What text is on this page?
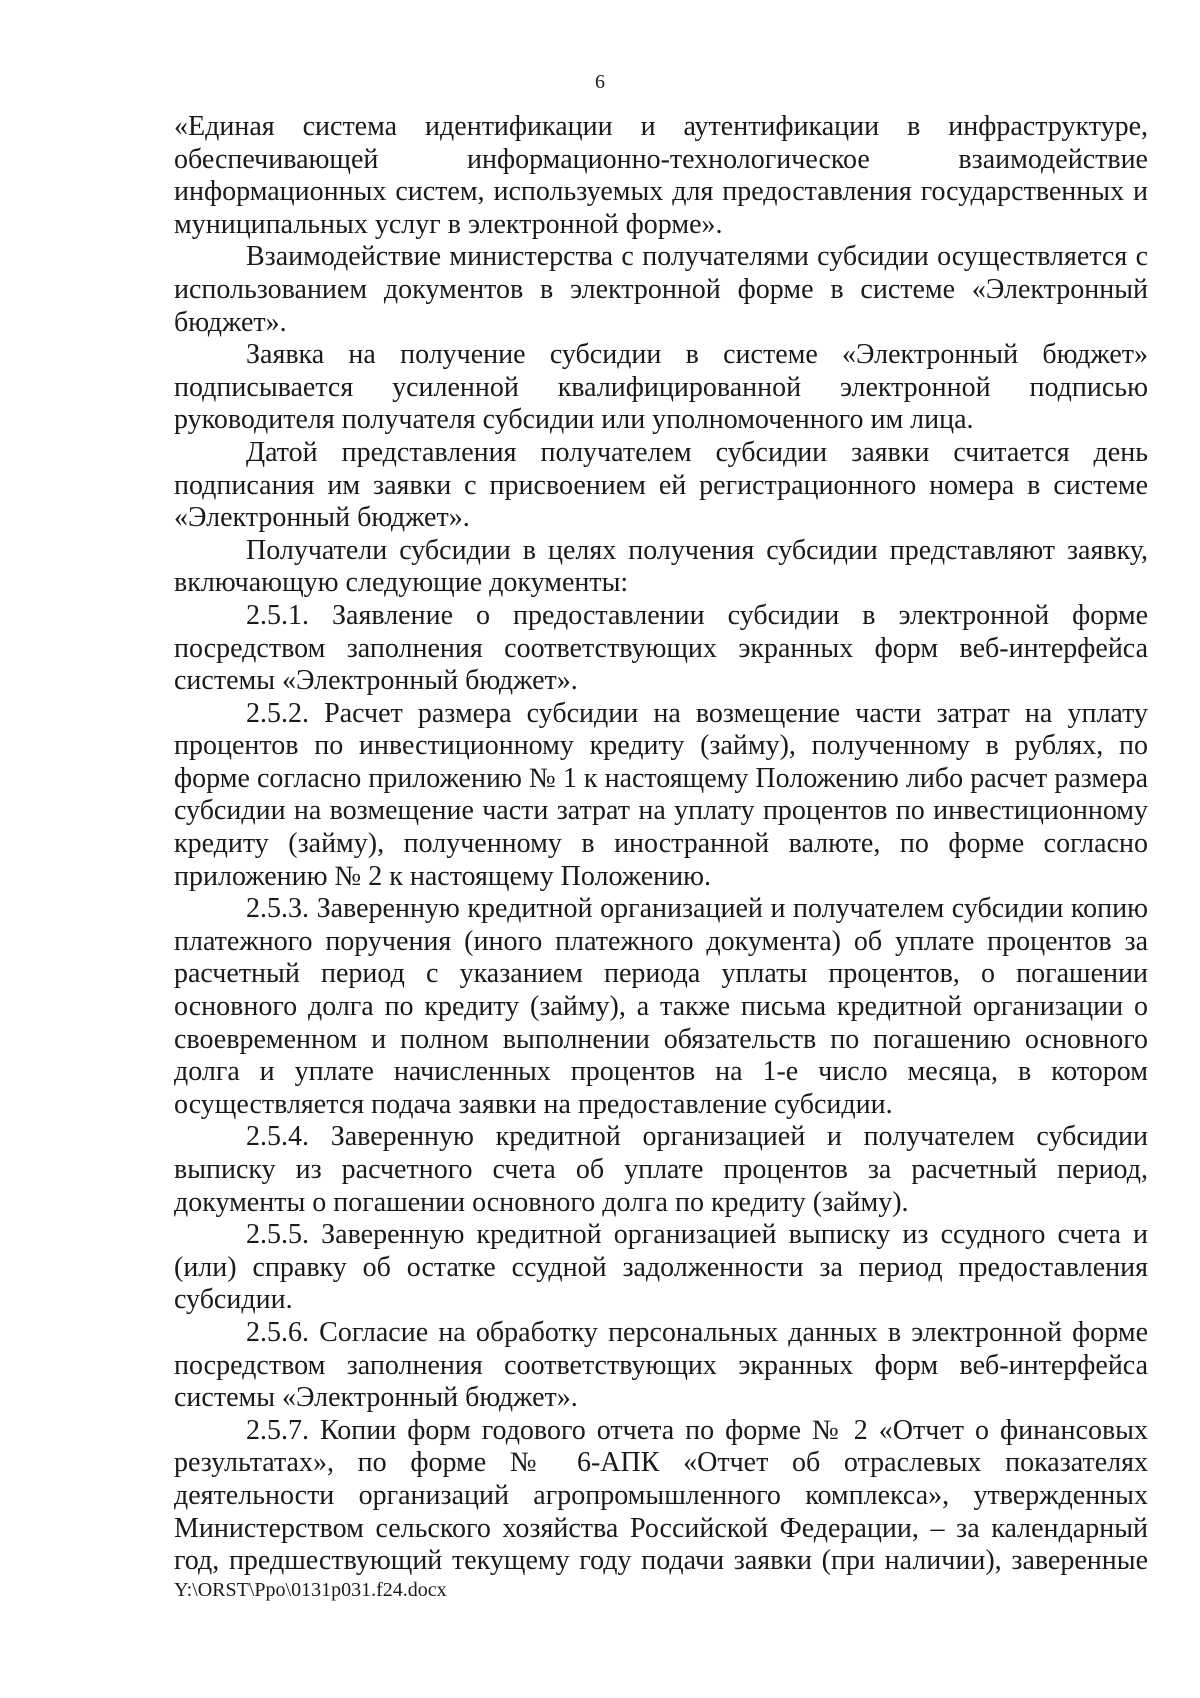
6

«Единая система идентификации и аутентификации в инфраструктуре, обеспечивающей информационно-технологическое взаимодействие информационных систем, используемых для предоставления государственных и муниципальных услуг в электронной форме».

Взаимодействие министерства с получателями субсидии осуществляется с использованием документов в электронной форме в системе «Электронный бюджет».

Заявка на получение субсидии в системе «Электронный бюджет» подписывается усиленной квалифицированной электронной подписью руководителя получателя субсидии или уполномоченного им лица.

Датой представления получателем субсидии заявки считается день подписания им заявки с присвоением ей регистрационного номера в системе «Электронный бюджет».

Получатели субсидии в целях получения субсидии представляют заявку, включающую следующие документы:

2.5.1. Заявление о предоставлении субсидии в электронной форме посредством заполнения соответствующих экранных форм веб-интерфейса системы «Электронный бюджет».

2.5.2. Расчет размера субсидии на возмещение части затрат на уплату процентов по инвестиционному кредиту (займу), полученному в рублях, по форме согласно приложению № 1 к настоящему Положению либо расчет размера субсидии на возмещение части затрат на уплату процентов по инвестиционному кредиту (займу), полученному в иностранной валюте, по форме согласно приложению № 2 к настоящему Положению.

2.5.3. Заверенную кредитной организацией и получателем субсидии копию платежного поручения (иного платежного документа) об уплате процентов за расчетный период с указанием периода уплаты процентов, о погашении основного долга по кредиту (займу), а также письма кредитной организации о своевременном и полном выполнении обязательств по погашению основного долга и уплате начисленных процентов на 1-е число месяца, в котором осуществляется подача заявки на предоставление субсидии.

2.5.4. Заверенную кредитной организацией и получателем субсидии выписку из расчетного счета об уплате процентов за расчетный период, документы о погашении основного долга по кредиту (займу).

2.5.5. Заверенную кредитной организацией выписку из ссудного счета и (или) справку об остатке ссудной задолженности за период предоставления субсидии.

2.5.6. Согласие на обработку персональных данных в электронной форме посредством заполнения соответствующих экранных форм веб-интерфейса системы «Электронный бюджет».

2.5.7. Копии форм годового отчета по форме № 2 «Отчет о финансовых результатах», по форме № 6-АПК «Отчет об отраслевых показателях деятельности организаций агропромышленного комплекса», утвержденных Министерством сельского хозяйства Российской Федерации, – за календарный год, предшествующий текущему году подачи заявки (при наличии), заверенные

Y:\ORST\Ppo\0131p031.f24.docx
